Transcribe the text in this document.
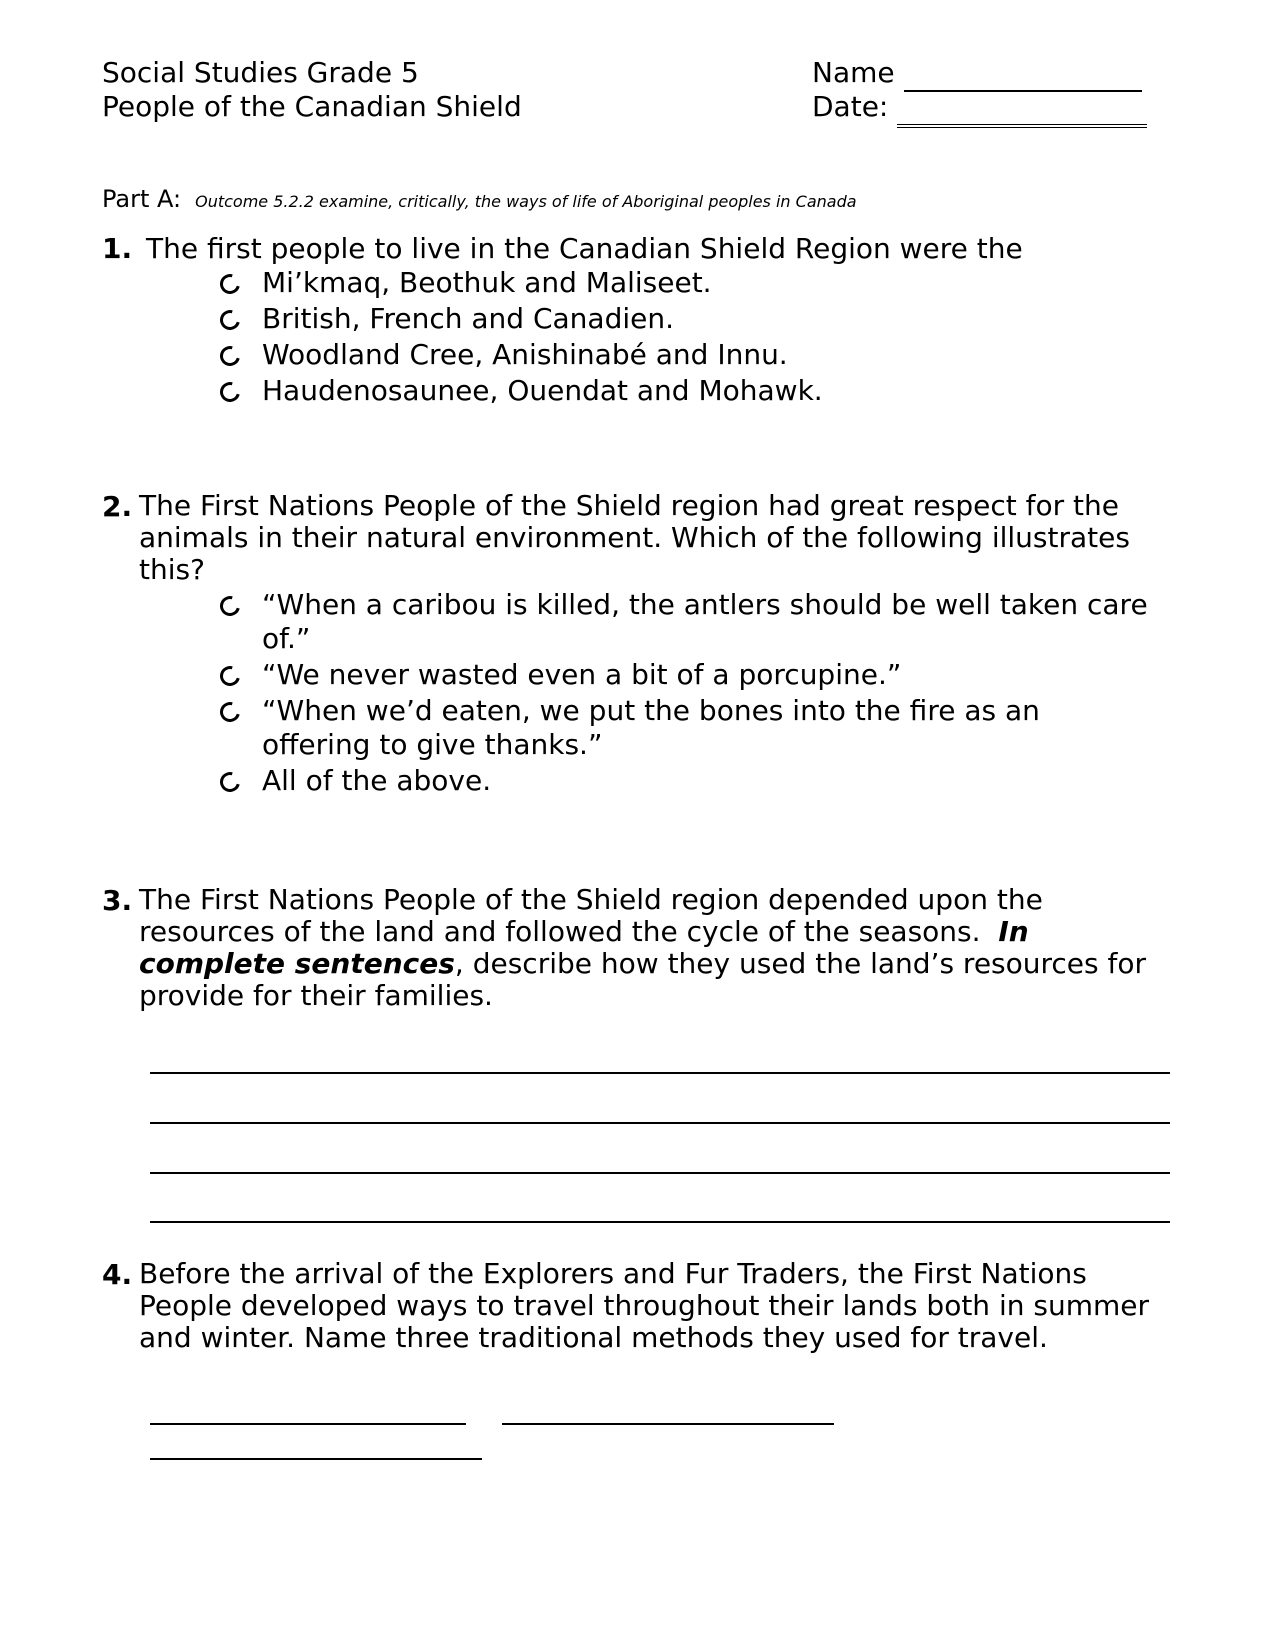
Social Studies Grade 5
People of the Canadian Shield
Name
Date:
Part A: Outcome 5.2.2 examine, critically, the ways of life of Aboriginal peoples in Canada
1. The first people to live in the Canadian Shield Region were the
Mi’kmaq, Beothuk and Maliseet.
British, French and Canadien.
Woodland Cree, Anishinabé and Innu.
Haudenosaunee, Ouendat and Mohawk.
2. The First Nations People of the Shield region had great respect for the animals in their natural environment. Which of the following illustrates this?
“When a caribou is killed, the antlers should be well taken care of.”
“We never wasted even a bit of a porcupine.”
“When we’d eaten, we put the bones into the fire as an offering to give thanks.”
All of the above.
3. The First Nations People of the Shield region depended upon the resources of the land and followed the cycle of the seasons. In complete sentences, describe how they used the land’s resources for provide for their families.
4. Before the arrival of the Explorers and Fur Traders, the First Nations People developed ways to travel throughout their lands both in summer and winter. Name three traditional methods they used for travel.
